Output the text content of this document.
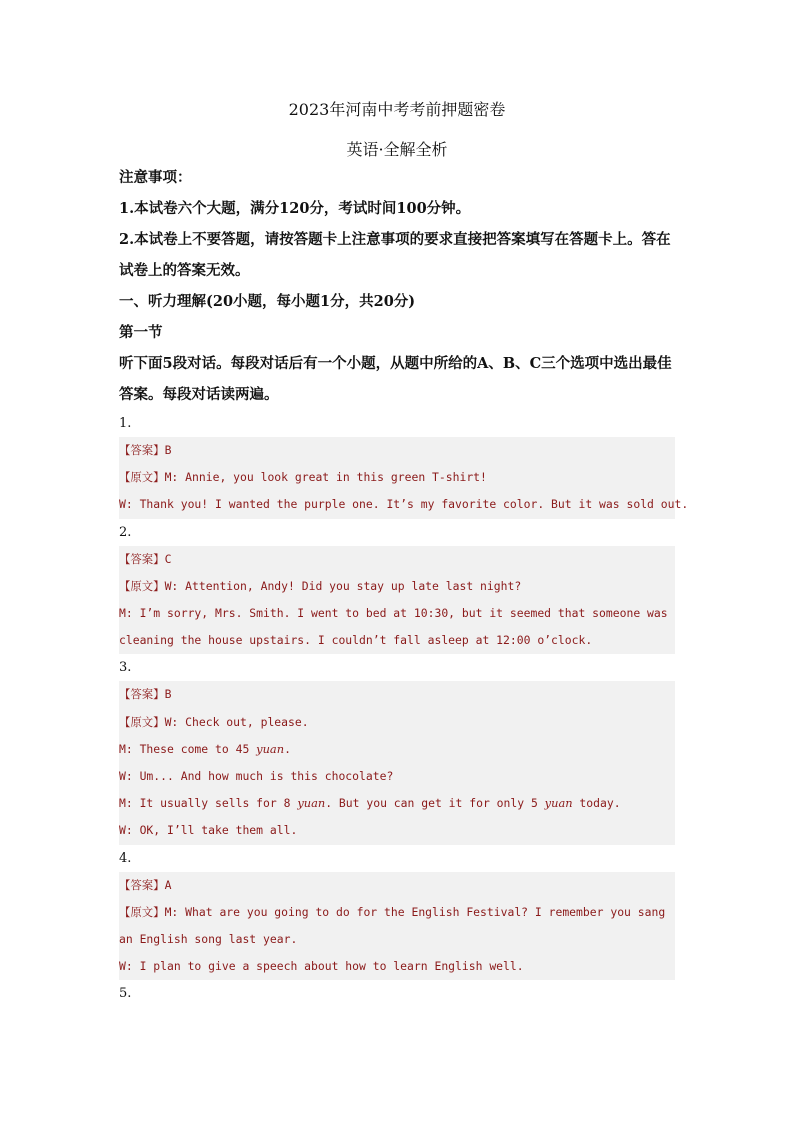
2023年河南中考考前押题密卷
英语·全解全析
注意事项：
1.本试卷六个大题，满分120分，考试时间100分钟。
2.本试卷上不要答题，请按答题卡上注意事项的要求直接把答案填写在答题卡上。答在试卷上的答案无效。
一、听力理解(20小题，每小题1分，共20分)
第一节
听下面5段对话。每段对话后有一个小题，从题中所给的A、B、C三个选项中选出最佳答案。每段对话读两遍。
1.
【答案】B
【原文】M: Annie, you look great in this green T-shirt!
W: Thank you! I wanted the purple one. It’s my favorite color. But it was sold out.
2.
【答案】C
【原文】W: Attention, Andy! Did you stay up late last night?
M: I’m sorry, Mrs. Smith. I went to bed at 10:30, but it seemed that someone was cleaning the house upstairs. I couldn’t fall asleep at 12:00 o’clock.
3.
【答案】B
【原文】W: Check out, please.
M: These come to 45 yuan.
W: Um... And how much is this chocolate?
M: It usually sells for 8 yuan. But you can get it for only 5 yuan today.
W: OK, I’ll take them all.
4.
【答案】A
【原文】M: What are you going to do for the English Festival? I remember you sang an English song last year.
W: I plan to give a speech about how to learn English well.
5.
